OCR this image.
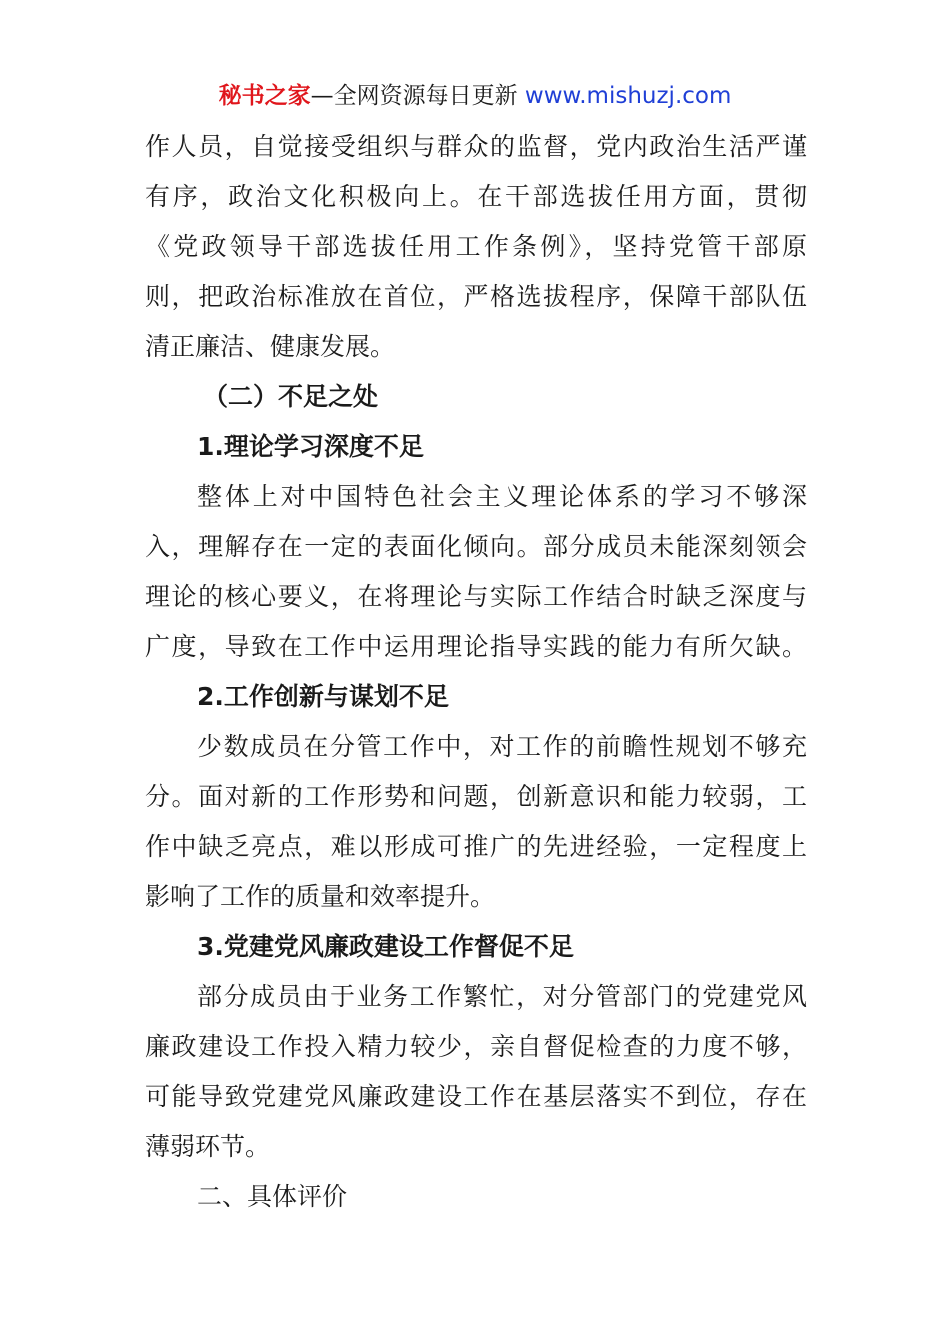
秘书之家—全网资源每日更新 www.mishuzj.com
作人员，自觉接受组织与群众的监督，党内政治生活严谨
有序，政治文化积极向上。在干部选拔任用方面，贯彻
《党政领导干部选拔任用工作条例》，坚持党管干部原
则，把政治标准放在首位，严格选拔程序，保障干部队伍
清正廉洁、健康发展。
（二）不足之处
1.理论学习深度不足
整体上对中国特色社会主义理论体系的学习不够深
入，理解存在一定的表面化倾向。部分成员未能深刻领会
理论的核心要义，在将理论与实际工作结合时缺乏深度与
广度，导致在工作中运用理论指导实践的能力有所欠缺。
2.工作创新与谋划不足
少数成员在分管工作中，对工作的前瞻性规划不够充
分。面对新的工作形势和问题，创新意识和能力较弱，工
作中缺乏亮点，难以形成可推广的先进经验，一定程度上
影响了工作的质量和效率提升。
3.党建党风廉政建设工作督促不足
部分成员由于业务工作繁忙，对分管部门的党建党风
廉政建设工作投入精力较少，亲自督促检查的力度不够，
可能导致党建党风廉政建设工作在基层落实不到位，存在
薄弱环节。
二、具体评价
